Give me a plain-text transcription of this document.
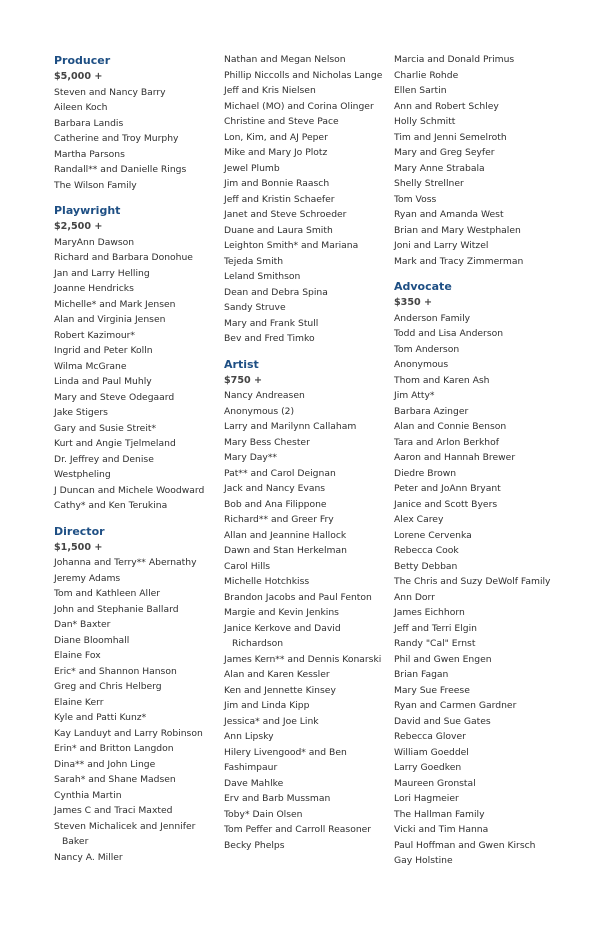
Producer
$5,000 +
Steven and Nancy Barry
Aileen Koch
Barbara Landis
Catherine and Troy Murphy
Martha Parsons
Randall** and Danielle Rings
The Wilson Family
Playwright
$2,500 +
MaryAnn Dawson
Richard and Barbara Donohue
Jan and Larry Helling
Joanne Hendricks
Michelle* and Mark Jensen
Alan and Virginia Jensen
Robert Kazimour*
Ingrid and Peter Kolln
Wilma McGrane
Linda and Paul Muhly
Mary and Steve Odegaard
Jake Stigers
Gary and Susie Streit*
Kurt and Angie Tjelmeland
Dr. Jeffrey and Denise
Westpheling
J Duncan and Michele Woodward
Cathy* and Ken Terukina
Director
$1,500 +
Johanna and Terry** Abernathy
Jeremy Adams
Tom and Kathleen Aller
John and Stephanie Ballard
Dan* Baxter
Diane Bloomhall
Elaine Fox
Eric* and Shannon Hanson
Greg and Chris Helberg
Elaine Kerr
Kyle and Patti Kunz*
Kay Landuyt and Larry Robinson
Erin* and Britton Langdon
Dina** and John Linge
Sarah* and Shane Madsen
Cynthia Martin
James C and Traci Maxted
Steven Michalicek and Jennifer Baker
Nancy A. Miller
Nathan and Megan Nelson
Phillip Niccolls and Nicholas Lange
Jeff and Kris Nielsen
Michael (MO) and Corina Olinger
Christine and Steve Pace
Lon, Kim, and AJ Peper
Mike and Mary Jo Plotz
Jewel Plumb
Jim and Bonnie Raasch
Jeff and Kristin Schaefer
Janet and Steve Schroeder
Duane and Laura Smith
Leighton Smith* and Mariana
Tejeda Smith
Leland Smithson
Dean and Debra Spina
Sandy Struve
Mary and Frank Stull
Bev and Fred Timko
Artist
$750 +
Nancy Andreasen
Anonymous (2)
Larry and Marilynn Callaham
Mary Bess Chester
Mary Day**
Pat** and Carol Deignan
Jack and Nancy Evans
Bob and Ana Filippone
Richard** and Greer Fry
Allan and Jeannine Hallock
Dawn and Stan Herkelman
Carol Hills
Michelle Hotchkiss
Brandon Jacobs and Paul Fenton
Margie and Kevin Jenkins
Janice Kerkove and David Richardson
James Kern** and Dennis Konarski
Alan and Karen Kessler
Ken and Jennette Kinsey
Jim and Linda Kipp
Jessica* and Joe Link
Ann Lipsky
Hilery Livengood* and Ben
Fashimpaur
Dave Mahlke
Erv and Barb Mussman
Toby* Dain Olsen
Tom Peffer and Carroll Reasoner
Becky Phelps
Marcia and Donald Primus
Charlie Rohde
Ellen Sartin
Ann and Robert Schley
Holly Schmitt
Tim and Jenni Semelroth
Mary and Greg Seyfer
Mary Anne Strabala
Shelly Strellner
Tom Voss
Ryan and Amanda West
Brian and Mary Westphalen
Joni and Larry Witzel
Mark and Tracy Zimmerman
Advocate
$350 +
Anderson Family
Todd and Lisa Anderson
Tom Anderson
Anonymous
Thom and Karen Ash
Jim Atty*
Barbara Azinger
Alan and Connie Benson
Tara and Arlon Berkhof
Aaron and Hannah Brewer
Diedre Brown
Peter and JoAnn Bryant
Janice and Scott Byers
Alex Carey
Lorene Cervenka
Rebecca Cook
Betty Debban
The Chris and Suzy DeWolf Family
Ann Dorr
James Eichhorn
Jeff and Terri Elgin
Randy "Cal" Ernst
Phil and Gwen Engen
Brian Fagan
Mary Sue Freese
Ryan and Carmen Gardner
David and Sue Gates
Rebecca Glover
William Goeddel
Larry Goedken
Maureen Gronstal
Lori Hagmeier
The Hallman Family
Vicki and Tim Hanna
Paul Hoffman and Gwen Kirsch
Gay Holstine
